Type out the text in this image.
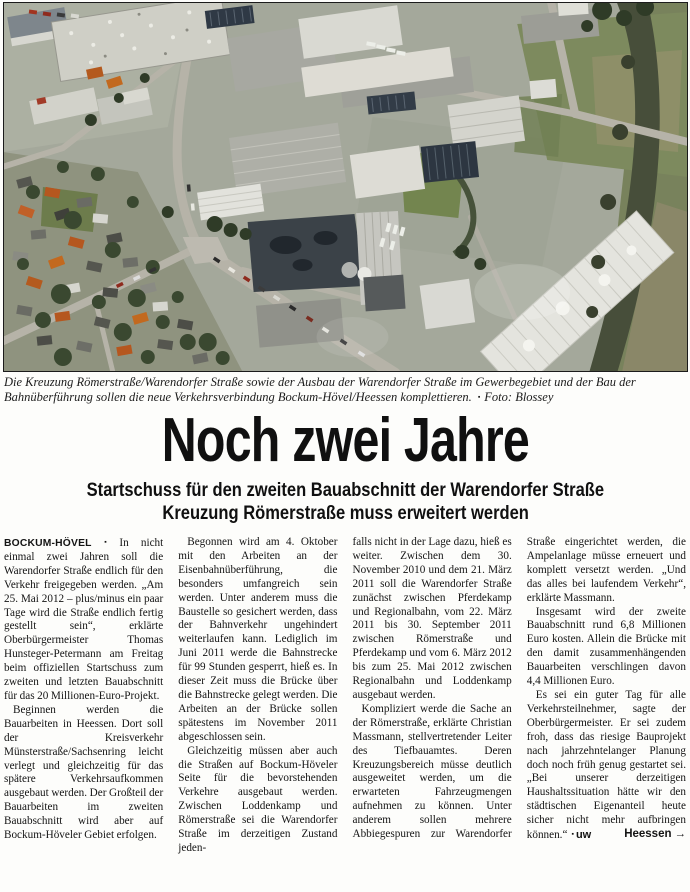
Die Kreuzung Römerstraße/Warendorfer Straße sowie der Ausbau der Warendorfer Straße im Gewerbegebiet und der Bau der
Bahnüberführung sollen die neue Verkehrsverbindung Bockum-Hövel/Heessen komplettieren. ▪ Foto: Blossey
Noch zwei Jahre
Startschuss für den zweiten Bauabschnitt der Warendorfer Straße
Kreuzung Römerstraße muss erweitert werden

BOCKUM-HÖVEL ▪ In nicht einmal zwei Jahren soll die Warendorfer Straße endlich für den Verkehr freigegeben werden. „Am 25. Mai 2012 – plus/minus ein paar Tage wird die Straße endlich fertig gestellt sein“, erklärte Oberbürgermeister Thomas Hunsteger-Petermann am Freitag beim offiziellen Startschuss zum zweiten und letzten Bauabschnitt für das 20 Millionen-Euro-Projekt.

Beginnen werden die Bauarbeiten in Heessen. Dort soll der Kreisverkehr Münsterstraße/Sachsenring leicht verlegt und gleichzeitig für das spätere Verkehrsaufkommen ausgebaut werden. Der Großteil der Bauarbeiten im zweiten Bauabschnitt wird aber auf Bockum-Höveler Gebiet erfolgen.

Begonnen wird am 4. Oktober mit den Arbeiten an der Eisenbahnüberführung, die besonders umfangreich sein werden. Unter anderem muss die Baustelle so gesichert werden, dass der Bahnverkehr ungehindert weiterlaufen kann. Lediglich im Juni 2011 werde die Bahnstrecke für 99 Stunden gesperrt, hieß es. In dieser Zeit muss die Brücke über die Bahnstrecke gelegt werden. Die Arbeiten an der Brücke sollen spätestens im November 2011 abgeschlossen sein.

Gleichzeitig müssen aber auch die Straßen auf Bockum-Höveler Seite für die bevorstehenden Verkehre ausgebaut werden. Zwischen Loddenkamp und Römerstraße sei die Warendorfer Straße im derzeitigen Zustand jeden-

falls nicht in der Lage dazu, hieß es weiter. Zwischen dem 30. November 2010 und dem 21. März 2011 soll die Warendorfer Straße zunächst zwischen Pferdekamp und Regionalbahn, vom 22. März 2011 bis 30. September 2011 zwischen Römerstraße und Pferdekamp und vom 6. März 2012 bis zum 25. Mai 2012 zwischen Regionalbahn und Loddenkamp ausgebaut werden.

Kompliziert werde die Sache an der Römerstraße, erklärte Christian Massmann, stellvertretender Leiter des Tiefbauamtes. Deren Kreuzungsbereich müsse deutlich ausgeweitet werden, um die erwarteten Fahrzeugmengen aufnehmen zu können. Unter anderem sollen mehrere Abbiegespuren zur Warendorfer

Straße eingerichtet werden, die Ampelanlage müsse erneuert und komplett versetzt werden. „Und das alles bei laufendem Verkehr“, erklärte Massmann.

Insgesamt wird der zweite Bauabschnitt rund 6,8 Millionen Euro kosten. Allein die Brücke mit den damit zusammenhängenden Bauarbeiten verschlingen davon 4,4 Millionen Euro.

Es sei ein guter Tag für alle Verkehrsteilnehmer, sagte der Oberbürgermeister. Er sei zudem froh, dass das riesige Bauprojekt nach jahrzehntelanger Planung doch noch früh genug gestartet sei. „Bei unserer derzeitigen Haushaltssituation hätte wir den städtischen Eigenanteil heute sicher nicht mehr aufbringen können.“ ▪ uw	Heessen →
